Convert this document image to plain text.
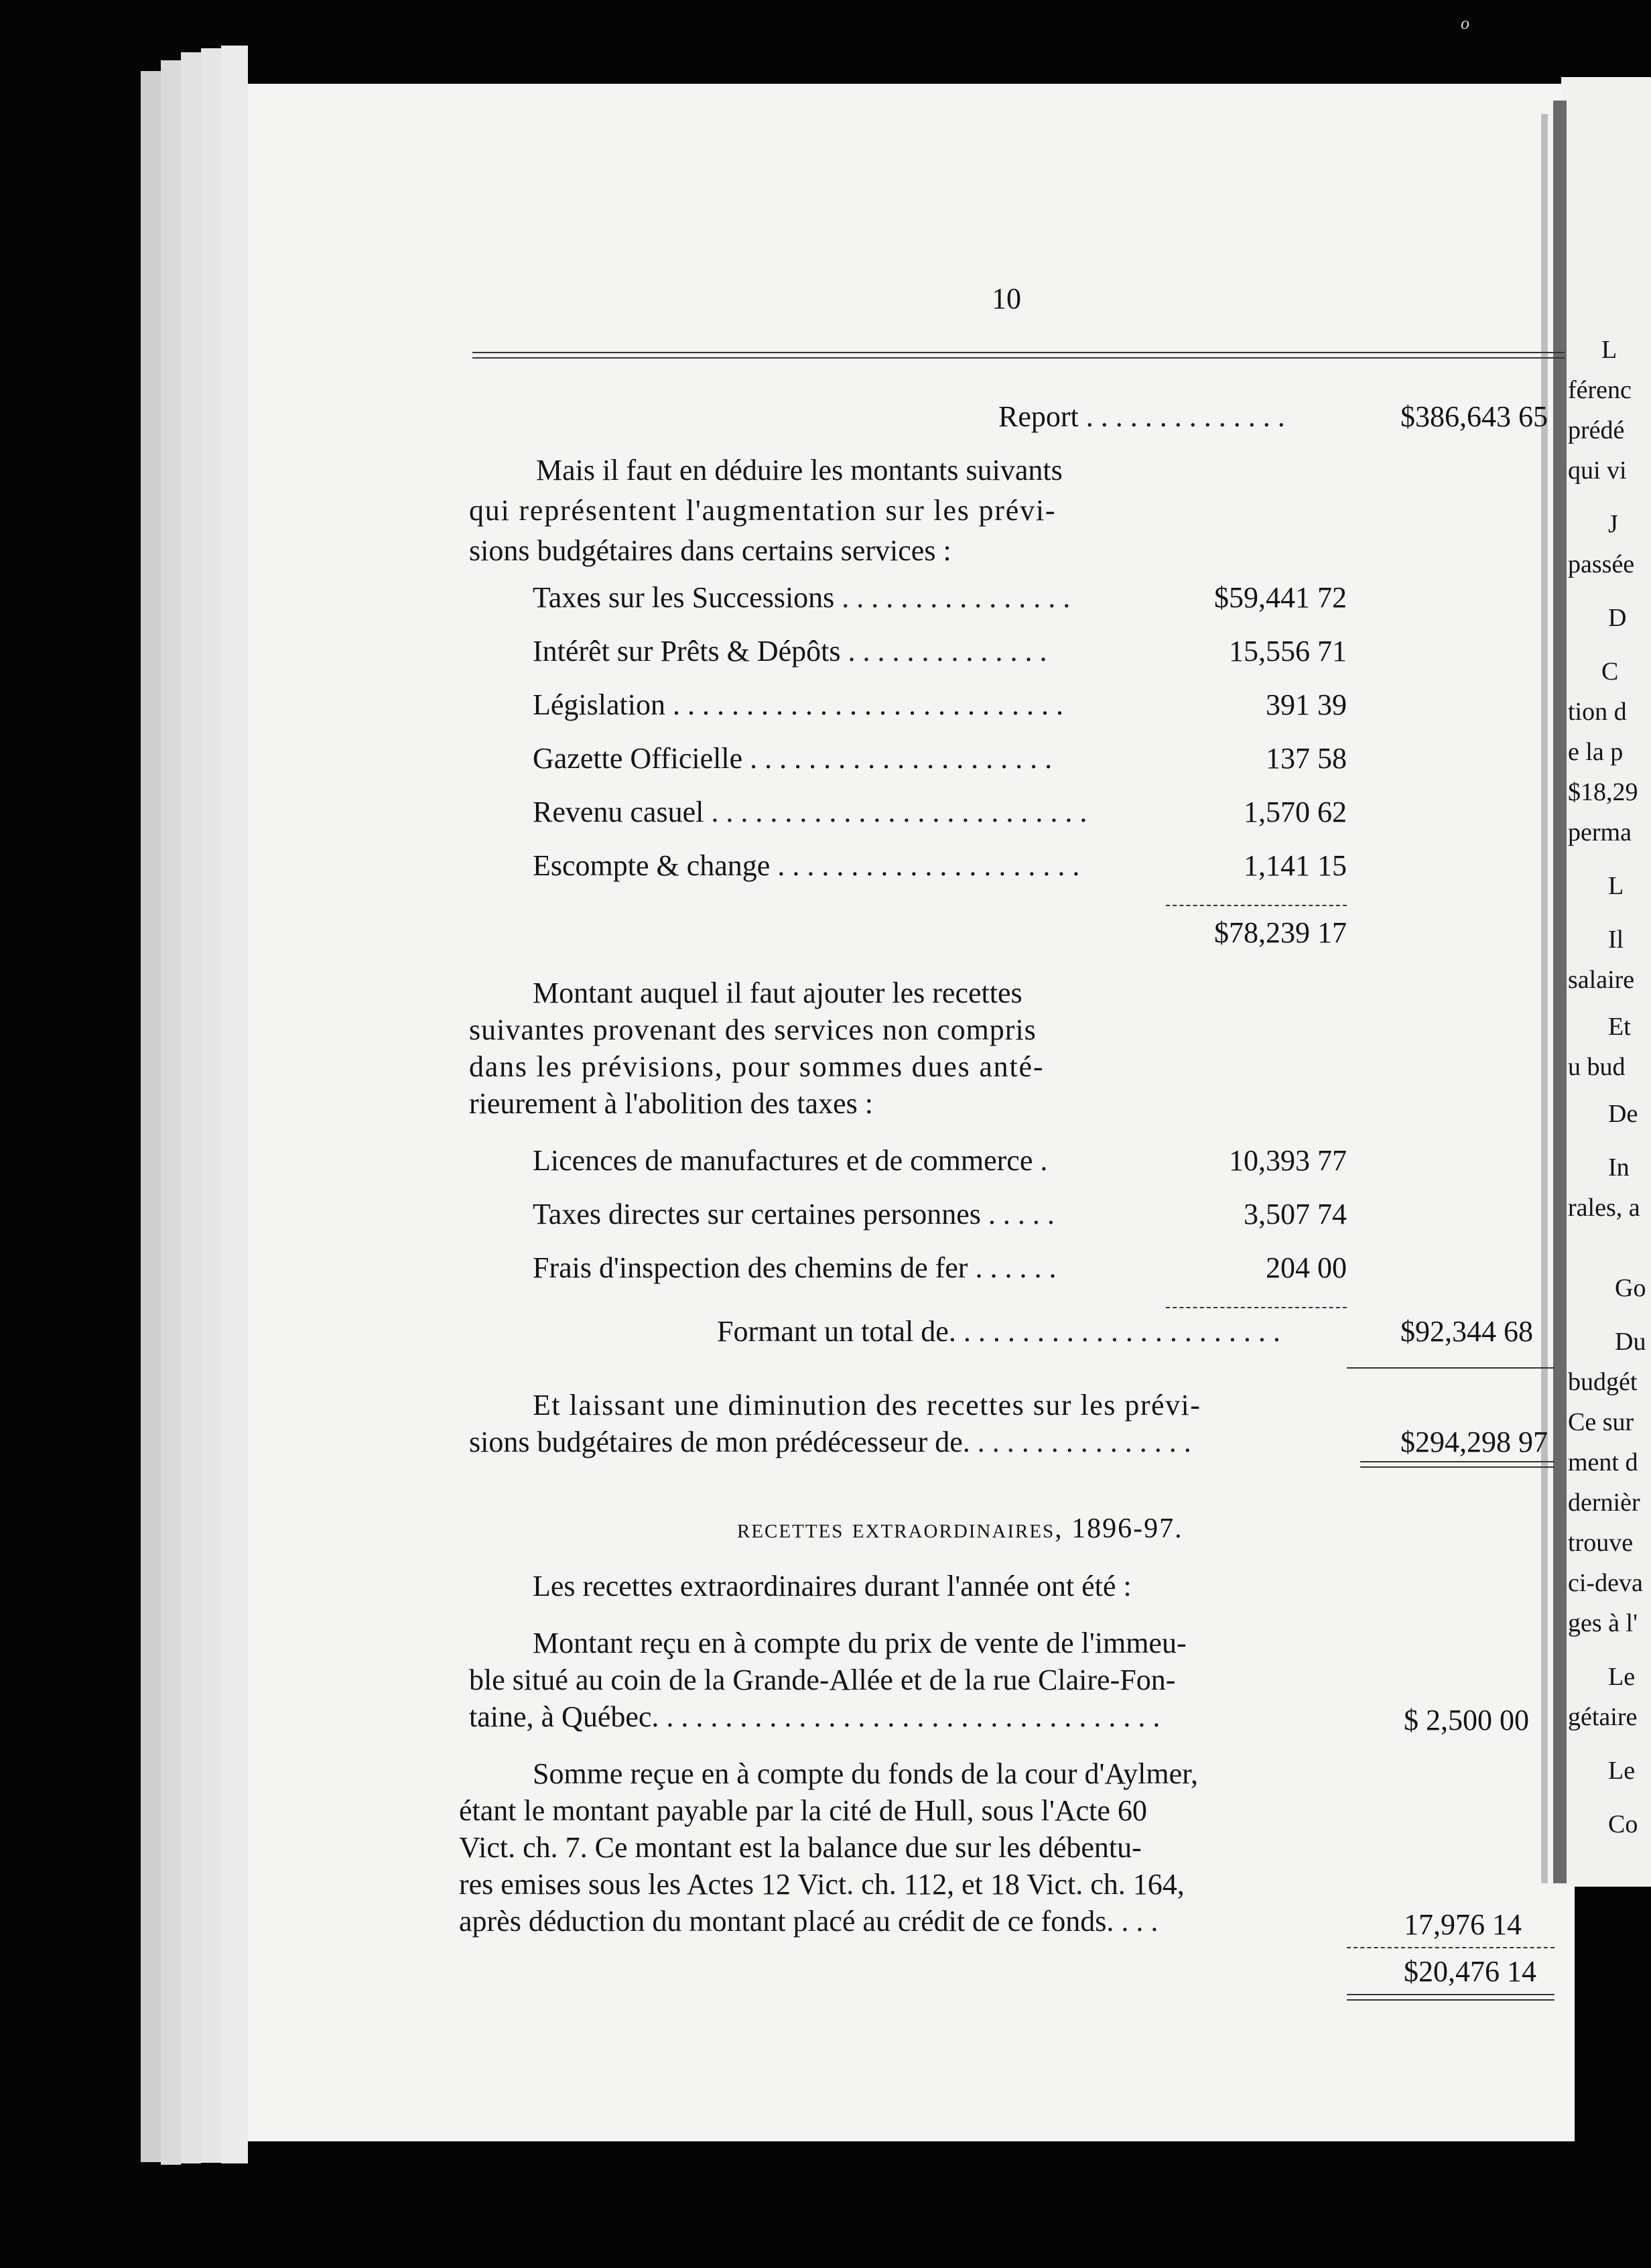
L
férenc
prédé
qui vi
J
passée
D
C
tion d
e la p
$18,29
perma
L
Il
salaire
Et
u bud
De
In
rales, a
Go
Du
budgét
Ce sur
ment d
dernièr
trouve
ci-deva
ges à l'
Le
gétaire
Le
Co
10
Report . . . . . . . . . . . . . .	$386,643 65
Mais il faut en déduire les montants suivants
qui représentent l'augmentation sur les prévi-
sions budgétaires dans certains services :
Taxes sur les Successions . . . . . . . . . . . . . . . .	$59,441 72
Intérêt sur Prêts & Dépôts . . . . . . . . . . . . . .	15,556 71
Législation . . . . . . . . . . . . . . . . . . . . . . . . . . .	391 39
Gazette Officielle . . . . . . . . . . . . . . . . . . . . .	137 58
Revenu casuel . . . . . . . . . . . . . . . . . . . . . . . . . .	1,570 62
Escompte & change . . . . . . . . . . . . . . . . . . . . .	1,141 15
$78,239 17
Montant auquel il faut ajouter les recettes
suivantes provenant des services non compris
dans les prévisions, pour sommes dues anté-
rieurement à l'abolition des taxes :
Licences de manufactures et de commerce .	10,393 77
Taxes directes sur certaines personnes . . . . .	3,507 74
Frais d'inspection des chemins de fer . . . . . .	204 00
Formant un total de. . . . . . . . . . . . . . . . . . . . . . .	$92,344 68
Et laissant une diminution des recettes sur les prévi-
sions budgétaires de mon prédécesseur de. . . . . . . . . . . . . . . .	$294,298 97
recettes extraordinaires, 1896-97.
Les recettes extraordinaires durant l'année ont été :
Montant reçu en à compte du prix de vente de l'immeu-
ble situé au coin de la Grande-Allée et de la rue Claire-Fon-
taine, à Québec. . . . . . . . . . . . . . . . . . . . . . . . . . . . . . . . . . .	$ 2,500 00
Somme reçue en à compte du fonds de la cour d'Aylmer,
étant le montant payable par la cité de Hull, sous l'Acte 60
Vict. ch. 7. Ce montant est la balance due sur les débentu-
res emises sous les Actes 12 Vict. ch. 112, et 18 Vict. ch. 164,
après déduction du montant placé au crédit de ce fonds. . . .	17,976 14
$20,476 14
o
